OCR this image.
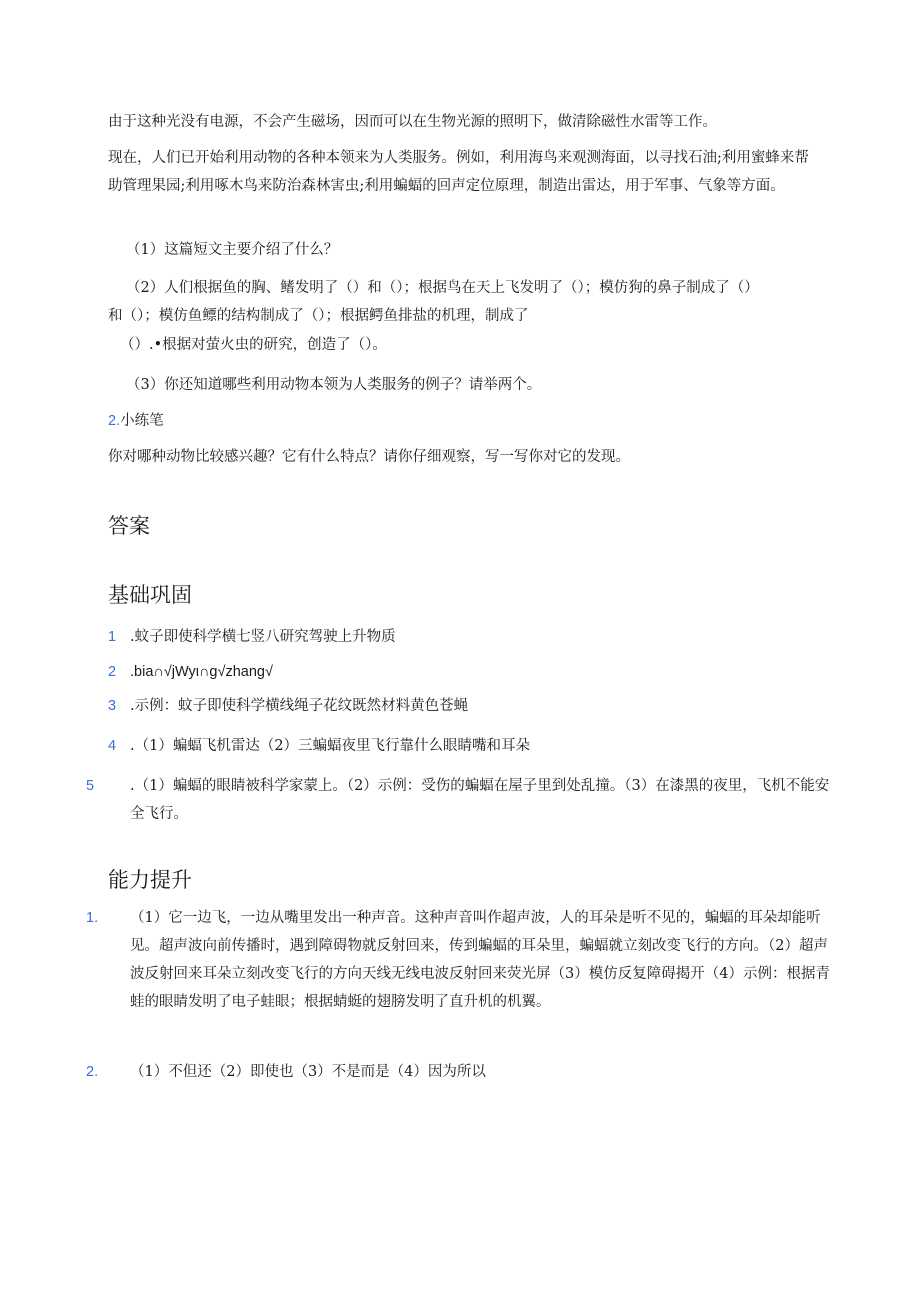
由于这种光没有电源，不会产生磁场，因而可以在生物光源的照明下，做清除磁性水雷等工作。

现在，人们已开始利用动物的各种本领来为人类服务。例如，利用海鸟来观测海面，以寻找石油;利用蜜蜂来帮助管理果园;利用啄木鸟来防治森林害虫;利用蝙蝠的回声定位原理，制造出雷达，用于军事、气象等方面。

（1）这篇短文主要介绍了什么？

（2）人们根据鱼的胸、鳍发明了（）和（）；根据鸟在天上飞发明了（）；模仿狗的鼻子制成了（）

和（）；模仿鱼鳔的结构制成了（）；根据鳄鱼排盐的机理，制成了

（）.•根据对萤火虫的研究，创造了（）。

（3）你还知道哪些利用动物本领为人类服务的例子？请举两个。

2.小练笔

你对哪种动物比较感兴趣？它有什么特点？请你仔细观察，写一写你对它的发现。

答案
基础巩固
1 .蚊子即使科学横七竖八研究驾驶上升物质
2 .bia∩√jWyι∩g√zhang√
3 .示例：蚊子即使科学横线绳子花纹既然材料黄色苍蝇
4 .（1）蝙蝠飞机雷达（2）三蝙蝠夜里飞行靠什么眼睛嘴和耳朵
5 .（1）蝙蝠的眼睛被科学家蒙上。（2）示例：受伤的蝙蝠在屋子里到处乱撞。（3）在漆黑的夜里，飞机不能安全飞行。
能力提升
1. （1）它一边飞，一边从嘴里发出一种声音。这种声音叫作超声波，人的耳朵是听不见的，蝙蝠的耳朵却能听见。超声波向前传播时，遇到障碍物就反射回来，传到蝙蝠的耳朵里，蝙蝠就立刻改变飞行的方向。（2）超声波反射回来耳朵立刻改变飞行的方向天线无线电波反射回来荧光屏（3）模仿反复障碍揭开（4）示例：根据青蛙的眼睛发明了电子蛙眼；根据蜻蜓的翅膀发明了直升机的机翼。
2. （1）不但还（2）即使也（3）不是而是（4）因为所以
